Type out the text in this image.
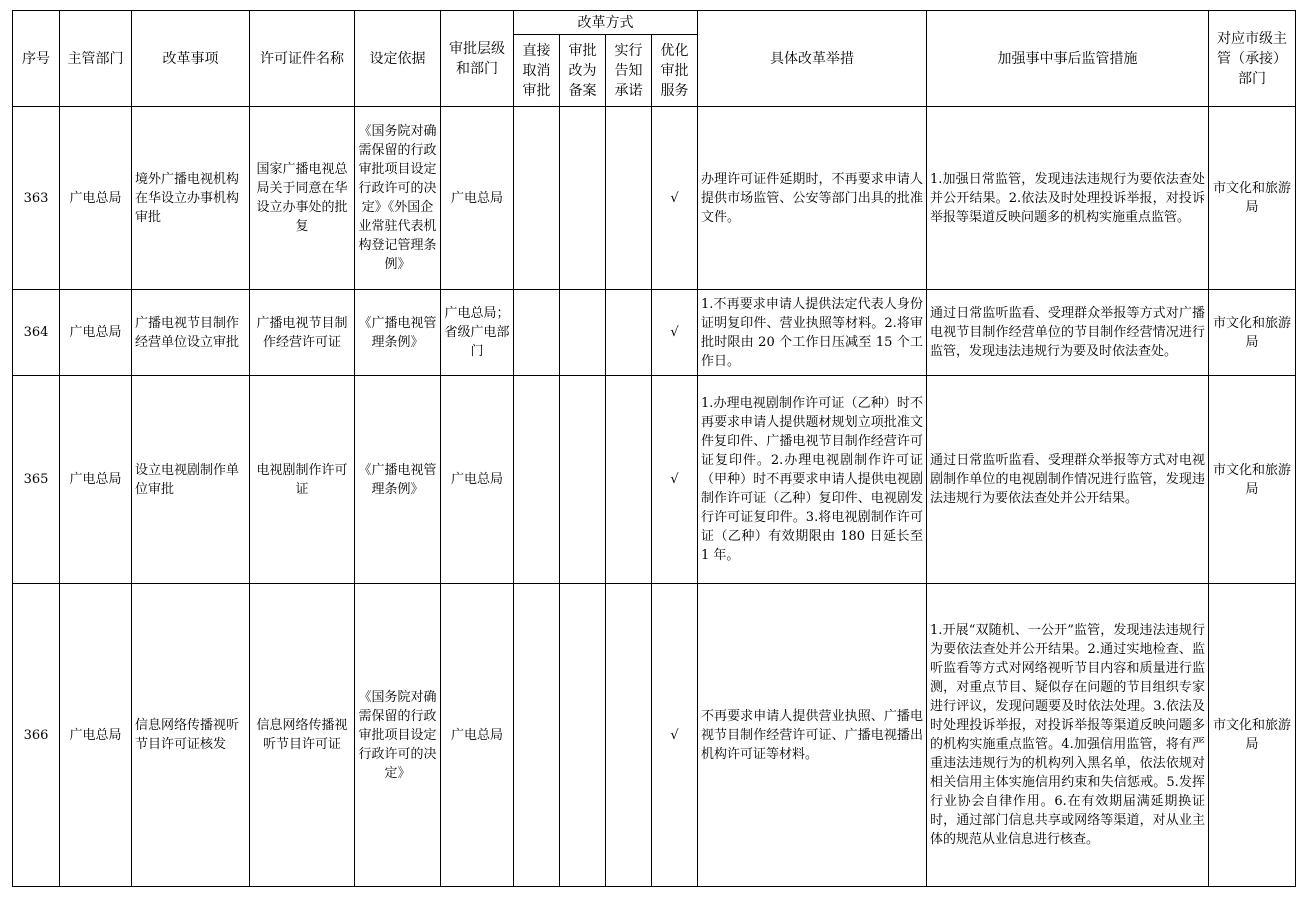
序号	主管部门	改革事项	许可证件名称	设定依据	审批层级和部门	改革方式				具体改革举措	加强事中事后监管措施	对应市级主管（承接）部门
						直接取消审批	审批改为备案	实行告知承诺	优化审批服务			
363	广电总局	境外广播电视机构在华设立办事机构审批	国家广播电视总局关于同意在华设立办事处的批复	《国务院对确需保留的行政审批项目设定行政许可的决定》《外国企业常驻代表机构登记管理条例》	广电总局				√	办理许可证件延期时，不再要求申请人提供市场监管、公安等部门出具的批准文件。	1.加强日常监管，发现违法违规行为要依法查处并公开结果。2.依法及时处理投诉举报，对投诉举报等渠道反映问题多的机构实施重点监管。	市文化和旅游局
364	广电总局	广播电视节目制作经营单位设立审批	广播电视节目制作经营许可证	《广播电视管理条例》	广电总局；省级广电部门				√	1.不再要求申请人提供法定代表人身份证明复印件、营业执照等材料。2.将审批时限由 20 个工作日压减至 15 个工作日。	通过日常监听监看、受理群众举报等方式对广播电视节目制作经营单位的节目制作经营情况进行监管，发现违法违规行为要及时依法查处。	市文化和旅游局
365	广电总局	设立电视剧制作单位审批	电视剧制作许可证	《广播电视管理条例》	广电总局				√	1.办理电视剧制作许可证（乙种）时不再要求申请人提供题材规划立项批准文件复印件、广播电视节目制作经营许可证复印件。2.办理电视剧制作许可证（甲种）时不再要求申请人提供电视剧制作许可证（乙种）复印件、电视剧发行许可证复印件。3.将电视剧制作许可证（乙种）有效期限由 180 日延长至 1 年。	通过日常监听监看、受理群众举报等方式对电视剧制作单位的电视剧制作情况进行监管，发现违法违规行为要依法查处并公开结果。	市文化和旅游局
366	广电总局	信息网络传播视听节目许可证核发	信息网络传播视听节目许可证	《国务院对确需保留的行政审批项目设定行政许可的决定》	广电总局				√	不再要求申请人提供营业执照、广播电视节目制作经营许可证、广播电视播出机构许可证等材料。	1.开展“双随机、一公开”监管，发现违法违规行为要依法查处并公开结果。2.通过实地检查、监听监看等方式对网络视听节目内容和质量进行监测，对重点节目、疑似存在问题的节目组织专家进行评议，发现问题要及时依法处理。3.依法及时处理投诉举报，对投诉举报等渠道反映问题多的机构实施重点监管。4.加强信用监管，将有严重违法违规行为的机构列入黑名单，依法依规对相关信用主体实施信用约束和失信惩戒。5.发挥行业协会自律作用。6.在有效期届满延期换证时，通过部门信息共享或网络等渠道，对从业主体的规范从业信息进行核查。	市文化和旅游局
